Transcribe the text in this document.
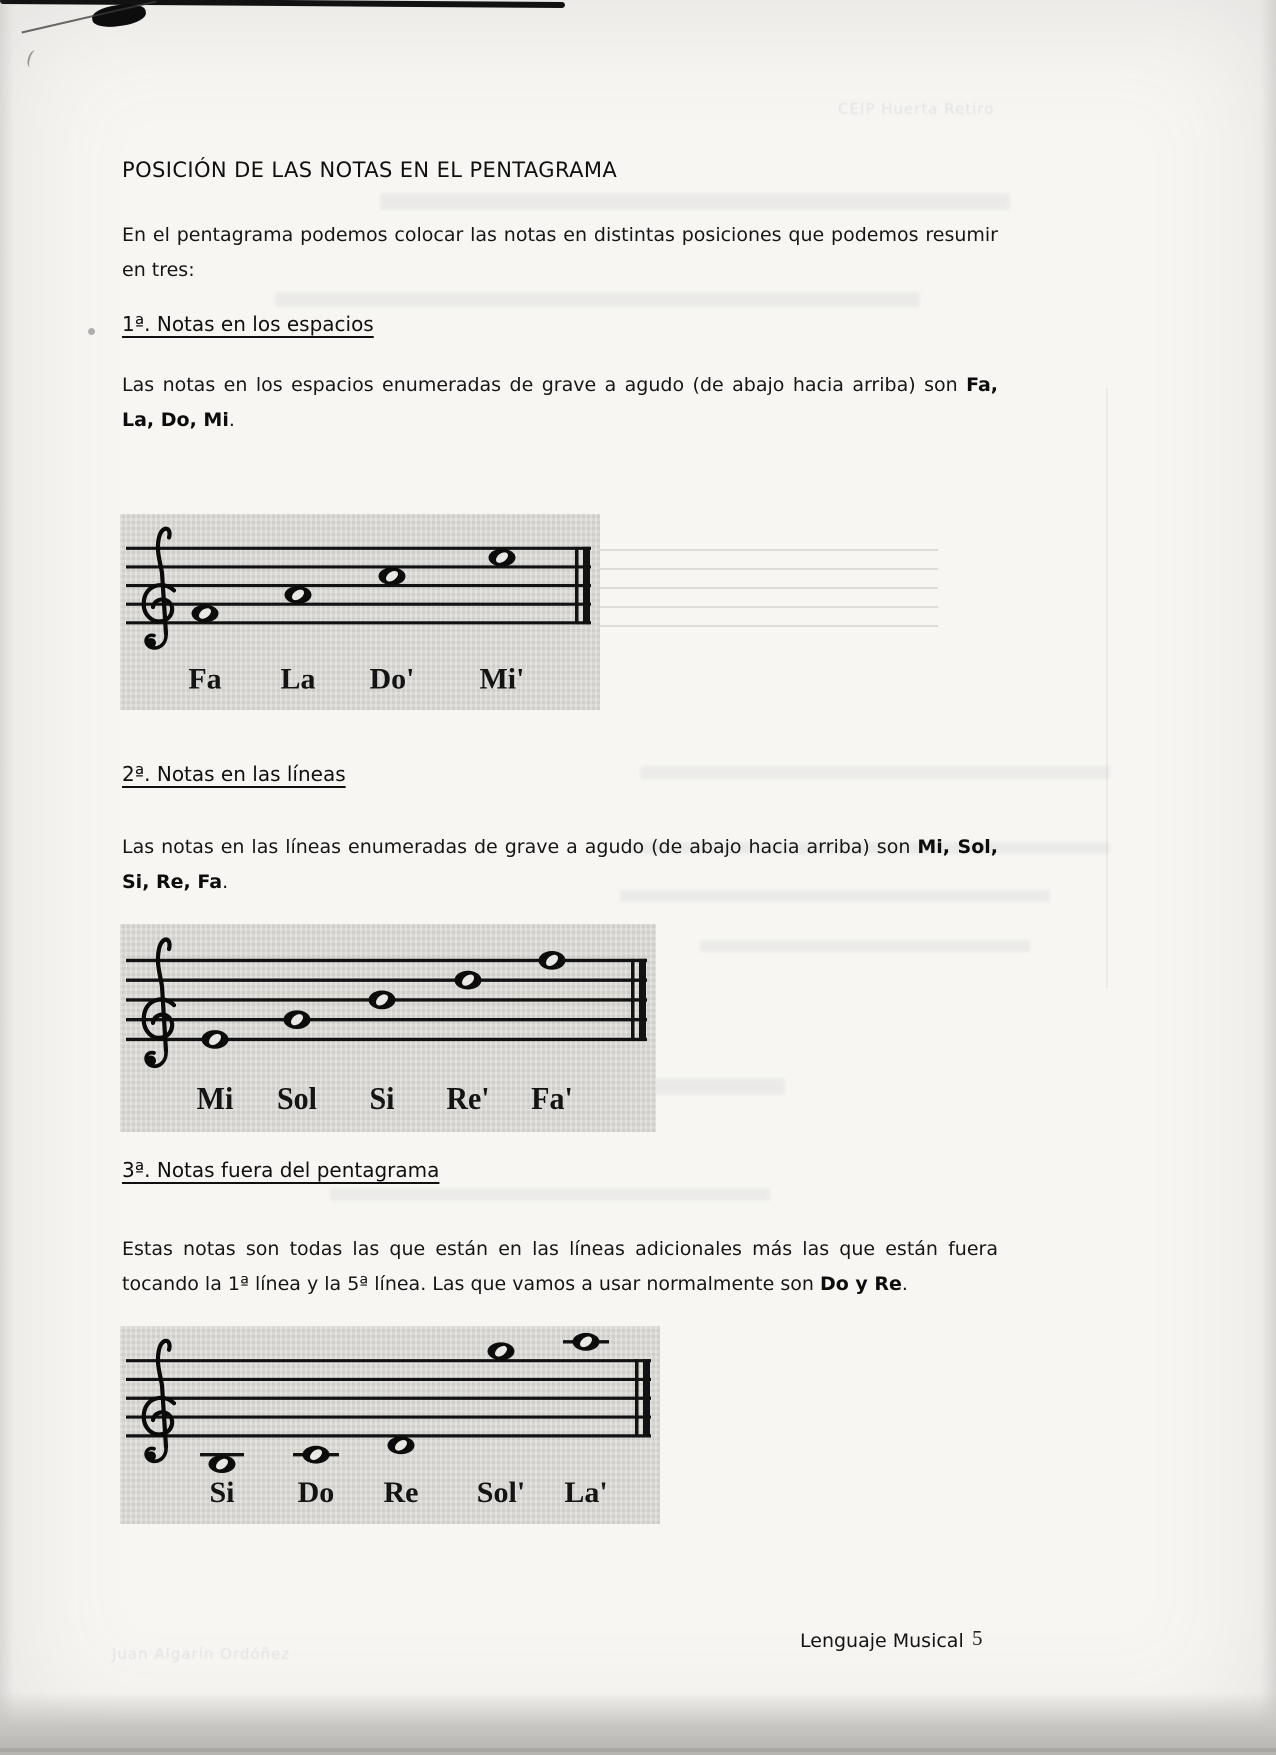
CEIP Huerta Retiro
POSICIÓN DE LAS NOTAS EN EL PENTAGRAMA

En el pentagrama podemos colocar las notas en distintas posiciones que podemos resumir en tres:

1ª. Notas en los espacios

Las notas en los espacios enumeradas de grave a agudo (de abajo hacia arriba) son Fa, La, Do, Mi.

Fa La Do' Mi'
2ª. Notas en las líneas

Las notas en las líneas enumeradas de grave a agudo (de abajo hacia arriba) son Mi, Sol, Si, Re, Fa.

Mi Sol Si Re' Fa'
3ª. Notas fuera del pentagrama

Estas notas son todas las que están en las líneas adicionales más las que están fuera tocando la 1ª línea y la 5ª línea. Las que vamos a usar normalmente son Do y Re.

Si Do Re Sol' La'
Juan Algarín Ordóñez
Lenguaje Musical 5
